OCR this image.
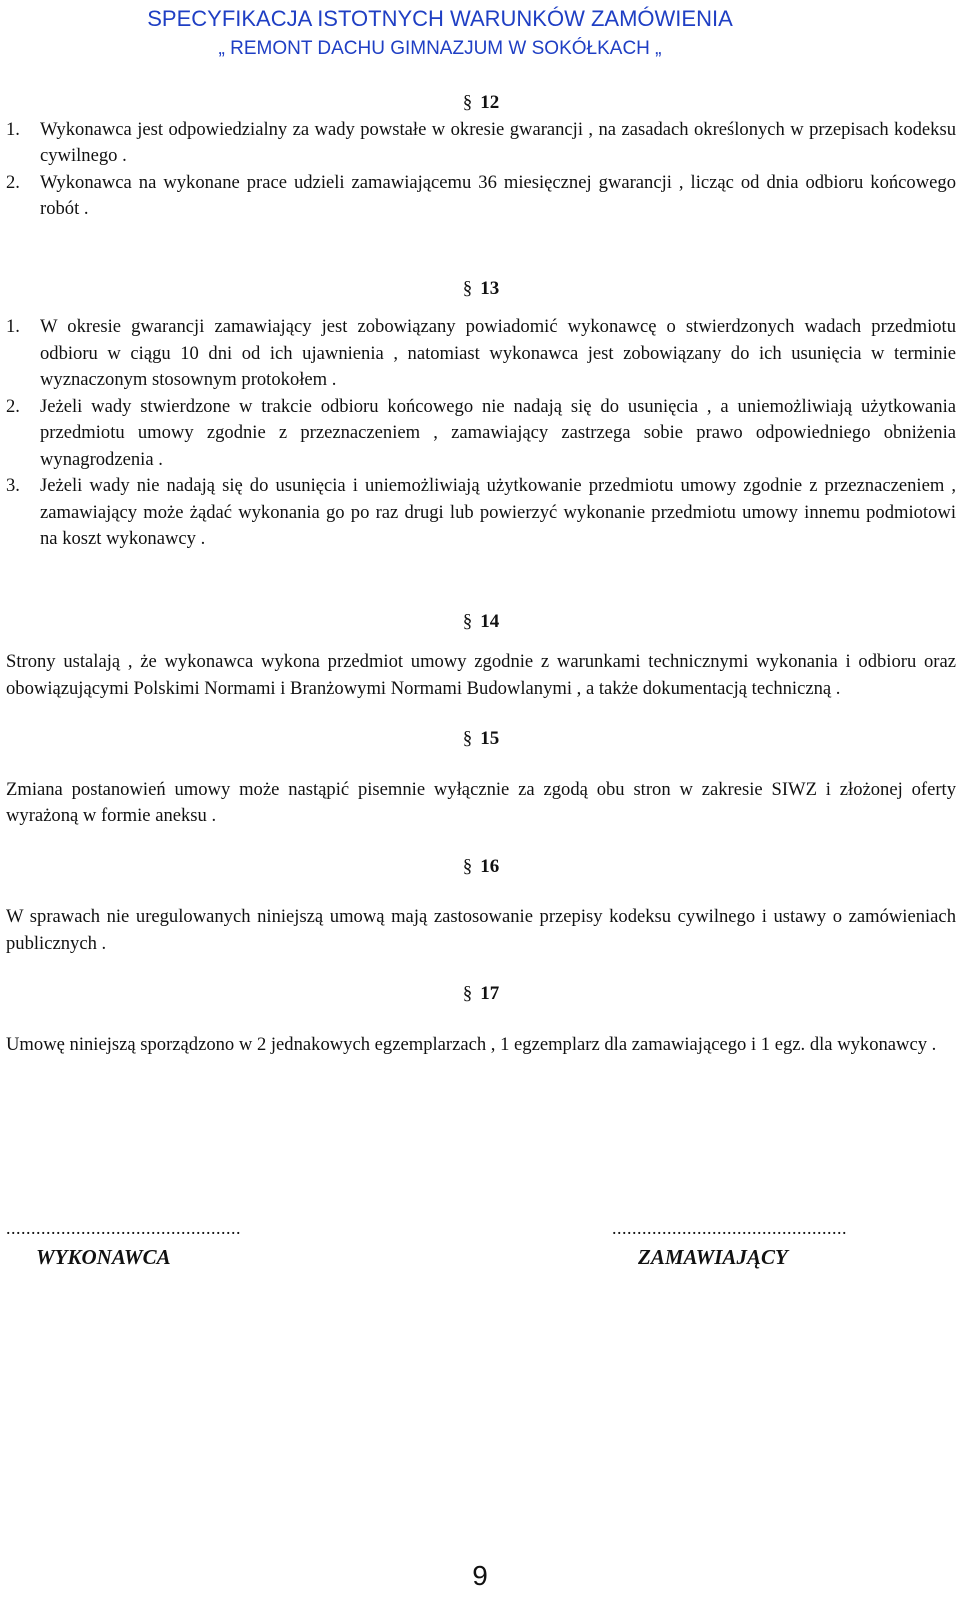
SPECYFIKACJA ISTOTNYCH WARUNKÓW ZAMÓWIENIA
„ REMONT DACHU GIMNAZJUM W SOKÓŁKACH „
§ 12
1.	Wykonawca jest odpowiedzialny za wady powstałe w okresie gwarancji , na zasadach określonych w przepisach kodeksu cywilnego .
2.	Wykonawca na wykonane prace udzieli zamawiającemu 36 miesięcznej gwarancji , licząc od dnia odbioru końcowego robót .
§ 13
1.	W okresie gwarancji zamawiający jest zobowiązany powiadomić wykonawcę o stwierdzonych wadach przedmiotu odbioru w ciągu 10 dni od ich ujawnienia , natomiast wykonawca jest zobowiązany do ich usunięcia w terminie wyznaczonym stosownym protokołem .
2.	Jeżeli wady stwierdzone w trakcie odbioru końcowego nie nadają się do usunięcia , a uniemożliwiają użytkowania przedmiotu umowy zgodnie z przeznaczeniem , zamawiający zastrzega sobie prawo odpowiedniego obniżenia wynagrodzenia .
3.	Jeżeli wady nie nadają się do usunięcia i uniemożliwiają użytkowanie przedmiotu umowy zgodnie z przeznaczeniem , zamawiający może żądać wykonania go po raz drugi lub powierzyć wykonanie przedmiotu umowy innemu podmiotowi na koszt wykonawcy .
§ 14

Strony ustalają , że wykonawca wykona przedmiot umowy zgodnie z warunkami technicznymi wykonania i odbioru oraz obowiązującymi Polskimi Normami i Branżowymi Normami Budowlanymi , a także dokumentacją techniczną .

§ 15

Zmiana postanowień umowy może nastąpić pisemnie wyłącznie za zgodą obu stron w zakresie SIWZ i złożonej oferty wyrażoną w formie aneksu .

§ 16

W sprawach nie uregulowanych niniejszą umową mają zastosowanie przepisy kodeksu cywilnego i ustawy o zamówieniach publicznych .

§ 17

Umowę niniejszą sporządzono w 2 jednakowych egzemplarzach , 1 egzemplarz dla zamawiającego i 1 egz. dla wykonawcy .

...............................................
WYKONAWCA
...............................................
ZAMAWIAJĄCY
9
